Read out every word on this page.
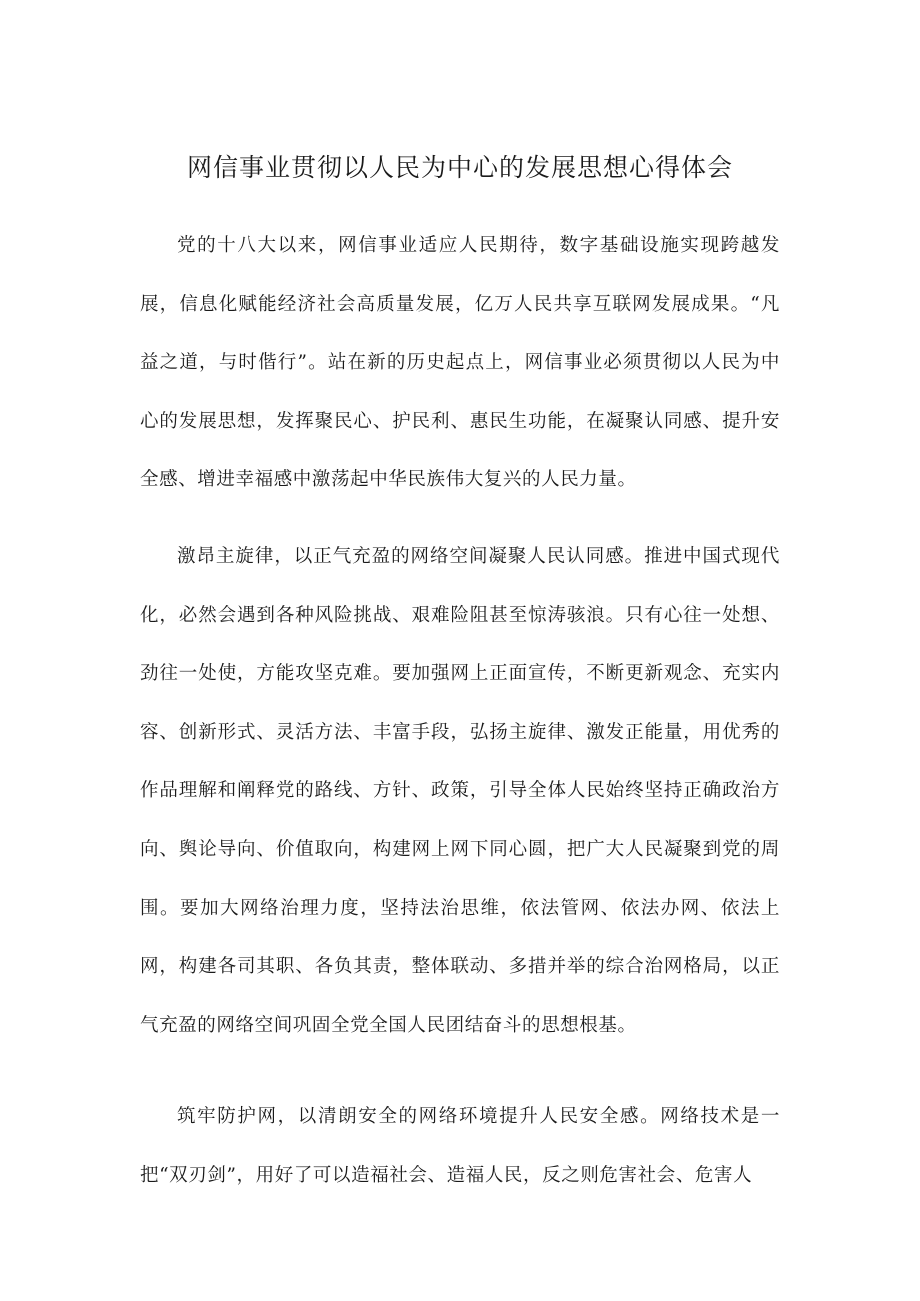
网信事业贯彻以人民为中心的发展思想心得体会

党的十八大以来，网信事业适应人民期待，数字基础设施实现跨越发展，信息化赋能经济社会高质量发展，亿万人民共享互联网发展成果。“凡益之道，与时偕行”。站在新的历史起点上，网信事业必须贯彻以人民为中心的发展思想，发挥聚民心、护民利、惠民生功能，在凝聚认同感、提升安全感、增进幸福感中激荡起中华民族伟大复兴的人民力量。

激昂主旋律，以正气充盈的网络空间凝聚人民认同感。推进中国式现代化，必然会遇到各种风险挑战、艰难险阻甚至惊涛骇浪。只有心往一处想、劲往一处使，方能攻坚克难。要加强网上正面宣传，不断更新观念、充实内容、创新形式、灵活方法、丰富手段，弘扬主旋律、激发正能量，用优秀的作品理解和阐释党的路线、方针、政策，引导全体人民始终坚持正确政治方向、舆论导向、价值取向，构建网上网下同心圆，把广大人民凝聚到党的周围。要加大网络治理力度，坚持法治思维，依法管网、依法办网、依法上网，构建各司其职、各负其责，整体联动、多措并举的综合治网格局，以正气充盈的网络空间巩固全党全国人民团结奋斗的思想根基。

筑牢防护网，以清朗安全的网络环境提升人民安全感。网络技术是一把“双刃剑”，用好了可以造福社会、造福人民，反之则危害社会、危害人
